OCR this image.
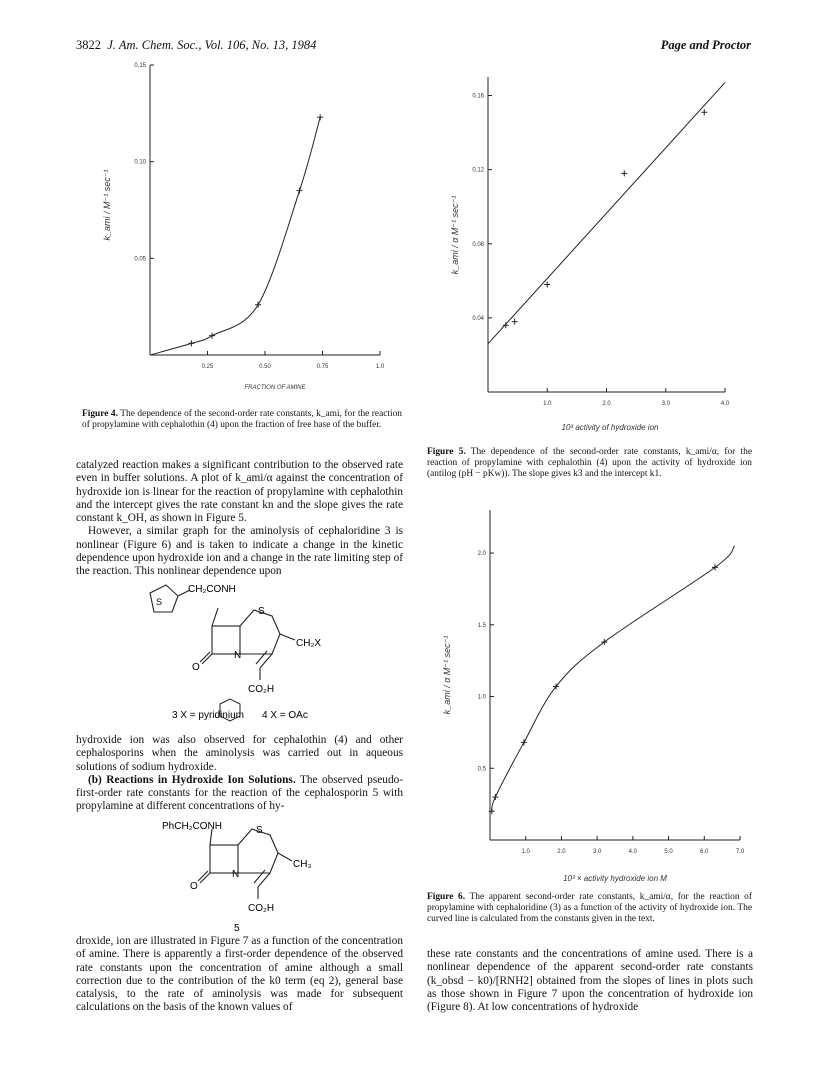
3822 J. Am. Chem. Soc., Vol. 106, No. 13, 1984	Page and Proctor
0.25	0.50	0.75	1.0
0.05
0.10
0.15
FRACTION OF AMINE
k_ami / M⁻¹ sec⁻¹
Figure 4. The dependence of the second-order rate constants, k_ami, for the reaction of propylamine with cephalothin (4) upon the fraction of free base of the buffer.
1.0	2.0	3.0	4.0
0.04
0.08
0.12
0.16
10³ activity of hydroxide ion
k_ami / α M⁻¹ sec⁻¹
Figure 5. The dependence of the second-order rate constants, k_ami/α, for the reaction of propylamine with cephalothin (4) upon the activity of hydroxide ion (antilog (pH − pKw)). The slope gives k3 and the intercept k1.
1.0	2.0	3.0	4.0	5.0	6.0	7.0
0.5
1.0
1.5
2.0
10³ × activity hydroxide ion M
k_ami / α M⁻¹ sec⁻¹
Figure 6. The apparent second-order rate constants, k_ami/α, for the reaction of propylamine with cephaloridine (3) as a function of the activity of hydroxide ion. The curved line is calculated from the constants given in the text.

catalyzed reaction makes a significant contribution to the observed rate even in buffer solutions. A plot of k_ami/α against the concentration of hydroxide ion is linear for the reaction of propylamine with cephalothin and the intercept gives the rate constant kn and the slope gives the rate constant k_OH, as shown in Figure 5.

However, a similar graph for the aminolysis of cephaloridine 3 is nonlinear (Figure 6) and is taken to indicate a change in the kinetic dependence upon hydroxide ion and a change in the rate limiting step of the reaction. This nonlinear dependence upon

S
CH₂CONH
S
N
O
CH₂X
CO₂H
3 X = pyridinium 4 X = OAc

hydroxide ion was also observed for cephalothin (4) and other cephalosporins when the aminolysis was carried out in aqueous solutions of sodium hydroxide.

(b) Reactions in Hydroxide Ion Solutions. The observed pseudo-first-order rate constants for the reaction of the cephalosporin 5 with propylamine at different concentrations of hy-

PhCH₂CONH	S
N
O
CH₃
CO₂H
5

droxide, ion are illustrated in Figure 7 as a function of the concentration of amine. There is apparently a first-order dependence of the observed rate constants upon the concentration of amine although a small correction due to the contribution of the k0 term (eq 2), general base catalysis, to the rate of aminolysis was made for subsequent calculations on the basis of the known values of

these rate constants and the concentrations of amine used. There is a nonlinear dependence of the apparent second-order rate constants (k_obsd − k0)/[RNH2] obtained from the slopes of lines in plots such as those shown in Figure 7 upon the concentration of hydroxide ion (Figure 8). At low concentrations of hydroxide
